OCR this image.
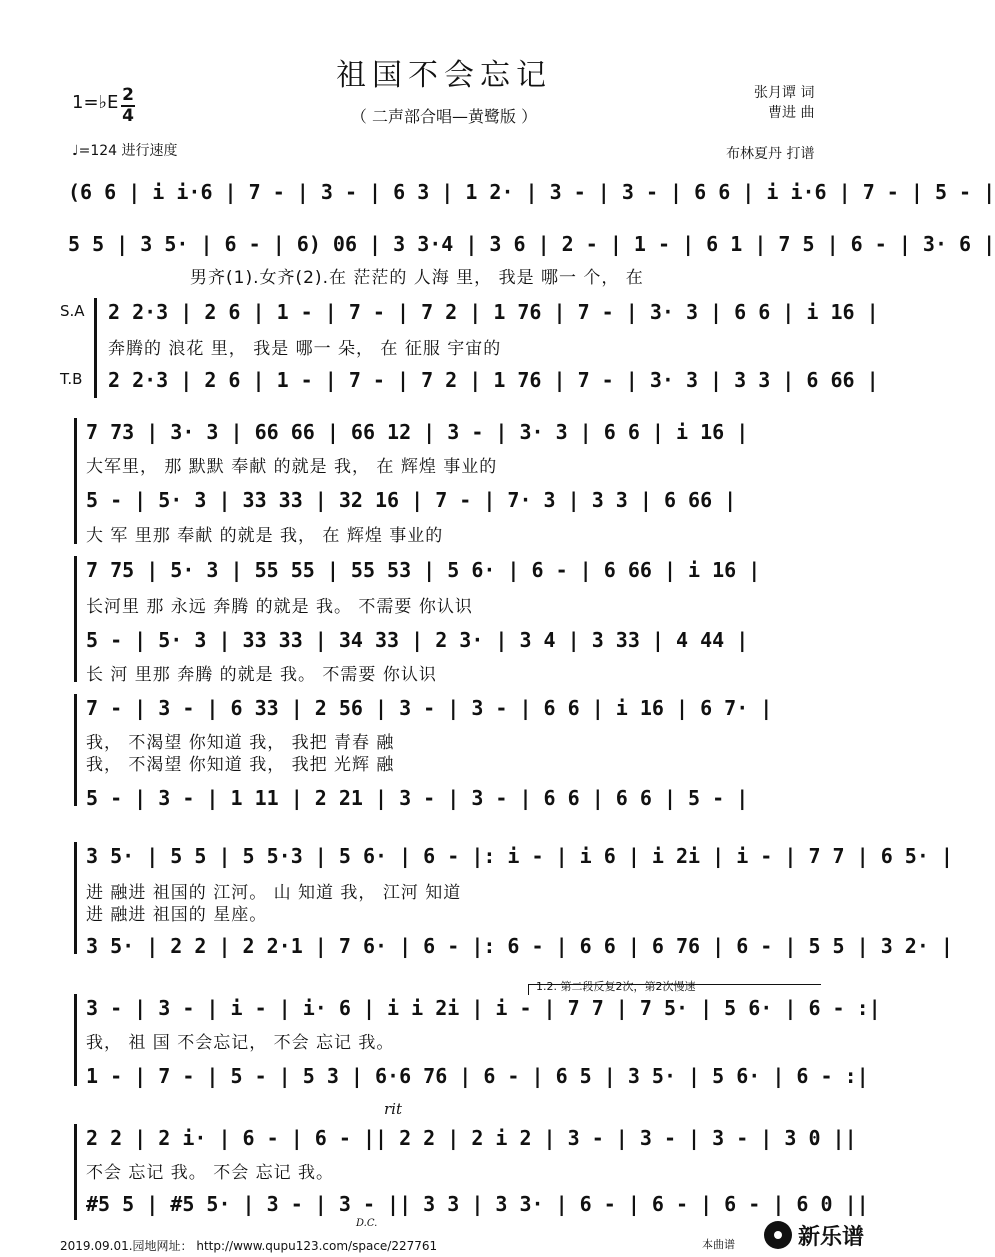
祖国不会忘记
（ 二声部合唱—黄鹭版 ）
张月谭 词
曹进 曲
1=♭E 2
4
♩=124 进行速度	布林夏丹 打谱
(6 6 | i i·6 | 7 - | 3 - | 6 3 | 1 2· | 3 - | 3 - | 6 6 | i i·6 | 7 - | 5 - |
5 5 | 3 5· | 6 - | 6) 06 | 3 3·4 | 3 6 | 2 - | 1 - | 6 1 | 7 5 | 6 - | 3· 6 |
男齐(1).女齐(2).在 茫茫的 人海 里， 我是 哪一 个， 在
S.A 2 2·3 | 2 6 | 1 - | 7 - | 7 2 | 1 76 | 7 - | 3· 3 | 6 6 | i 16 |
奔腾的 浪花 里， 我是 哪一 朵， 在 征服 宇宙的
T.B 2 2·3 | 2 6 | 1 - | 7 - | 7 2 | 1 76 | 7 - | 3· 3 | 3 3 | 6 66 |
7 73 | 3· 3 | 66 66 | 66 12 | 3 - | 3· 3 | 6 6 | i 16 |
大军里， 那 默默 奉献 的就是 我， 在 辉煌 事业的
5 - | 5· 3 | 33 33 | 32 16 | 7 - | 7· 3 | 3 3 | 6 66 |
大 军 里那 奉献 的就是 我， 在 辉煌 事业的
7 75 | 5· 3 | 55 55 | 55 53 | 5 6· | 6 - | 6 66 | i 16 |
长河里 那 永远 奔腾 的就是 我。 不需要 你认识
5 - | 5· 3 | 33 33 | 34 33 | 2 3· | 3 4 | 3 33 | 4 44 |
长 河 里那 奔腾 的就是 我。 不需要 你认识
7 - | 3 - | 6 33 | 2 56 | 3 - | 3 - | 6 6 | i 16 | 6 7· |
我， 不渴望 你知道 我， 我把 青春 融
我， 不渴望 你知道 我， 我把 光辉 融
5 - | 3 - | 1 11 | 2 21 | 3 - | 3 - | 6 6 | 6 6 | 5 - |
3 5· | 5 5 | 5 5·3 | 5 6· | 6 - |: i - | i 6 | i 2i | i - | 7 7 | 6 5· |
进 融进 祖国的 江河。 山 知道 我， 江河 知道
进 融进 祖国的 星座。
3 5· | 2 2 | 2 2·1 | 7 6· | 6 - |: 6 - | 6 6 | 6 76 | 6 - | 5 5 | 3 2· |
1.2. 第二段反复2次，第2次慢速
3 - | 3 - | i - | i· 6 | i i 2i | i - | 7 7 | 7 5· | 5 6· | 6 - :|
我， 祖 国 不会忘记， 不会 忘记 我。
1 - | 7 - | 5 - | 5 3 | 6·6 76 | 6 - | 6 5 | 3 5· | 5 6· | 6 - :|
rit
2 2 | 2 i· | 6 - | 6 - || 2 2 | 2 i 2 | 3 - | 3 - | 3 - | 3 0 ||
不会 忘记 我。 不会 忘记 我。
#5 5 | #5 5· | 3 - | 3 - || 3 3 | 3 3· | 6 - | 6 - | 6 - | 6 0 ||
D.C.
2019.09.01.园地网址： http://www.qupu123.com/space/227761	本曲谱	新乐谱
